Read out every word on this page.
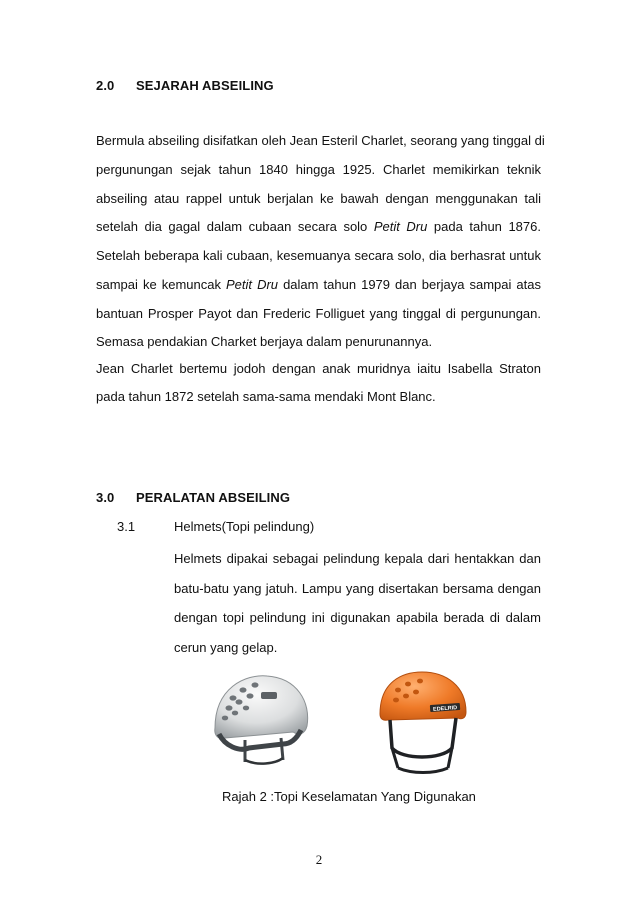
2.0 SEJARAH ABSEILING
Bermula abseiling disifatkan oleh Jean Esteril Charlet, seorang yang tinggal di
pergunungan sejak tahun 1840 hingga 1925. Charlet memikirkan teknik
abseiling atau rappel untuk berjalan ke bawah dengan menggunakan tali
setelah dia gagal dalam cubaan secara solo Petit Dru pada tahun 1876.
Setelah beberapa kali cubaan, kesemuanya secara solo, dia berhasrat untuk
sampai ke kemuncak Petit Dru dalam tahun 1979 dan berjaya sampai atas
bantuan Prosper Payot dan Frederic Folliguet yang tinggal di pergunungan.
Semasa pendakian Charket berjaya dalam penurunannya.
Jean Charlet bertemu jodoh dengan anak muridnya iaitu Isabella Straton
pada tahun 1872 setelah sama-sama mendaki Mont Blanc.
3.0 PERALATAN ABSEILING
3.1	Helmets(Topi pelindung)
Helmets dipakai sebagai pelindung kepala dari hentakkan dan
batu-batu yang jatuh. Lampu yang disertakan bersama dengan
dengan topi pelindung ini digunakan apabila berada di dalam
cerun yang gelap.
EDELRID
Rajah 2 :Topi Keselamatan Yang Digunakan
2
